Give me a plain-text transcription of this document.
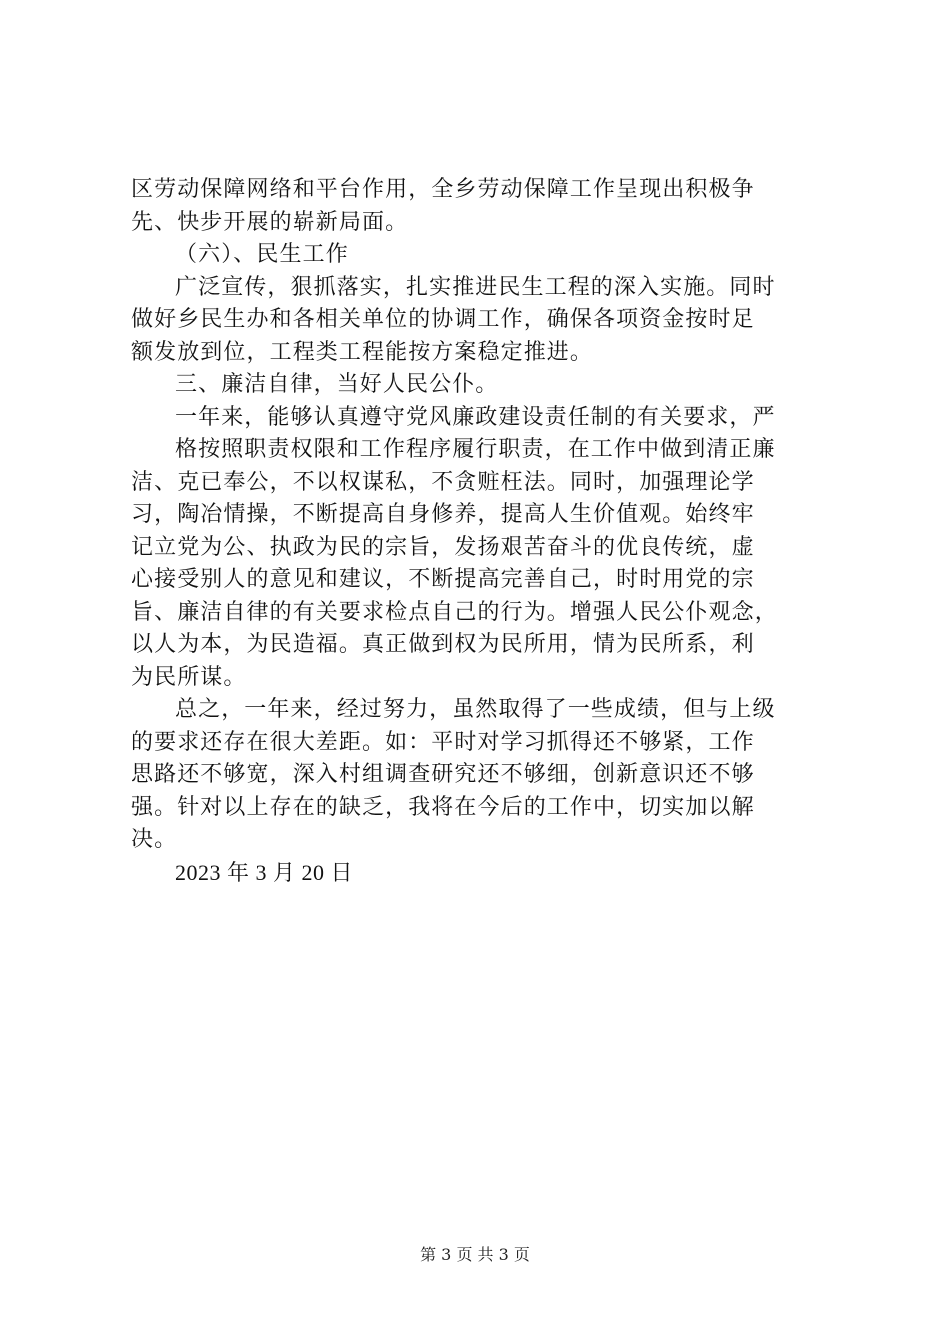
区劳动保障网络和平台作用，全乡劳动保障工作呈现出积极争

先、快步开展的崭新局面。

（六）、民生工作

广泛宣传，狠抓落实，扎实推进民生工程的深入实施。同时

做好乡民生办和各相关单位的协调工作，确保各项资金按时足

额发放到位，工程类工程能按方案稳定推进。

三、廉洁自律，当好人民公仆。

一年来，能够认真遵守党风廉政建设责任制的有关要求，严

格按照职责权限和工作程序履行职责，在工作中做到清正廉

洁、克已奉公，不以权谋私，不贪赃枉法。同时，加强理论学

习，陶冶情操，不断提高自身修养，提高人生价值观。始终牢

记立党为公、执政为民的宗旨，发扬艰苦奋斗的优良传统，虚

心接受别人的意见和建议，不断提高完善自己，时时用党的宗

旨、廉洁自律的有关要求检点自己的行为。增强人民公仆观念，

以人为本，为民造福。真正做到权为民所用，情为民所系，利

为民所谋。

总之，一年来，经过努力，虽然取得了一些成绩，但与上级

的要求还存在很大差距。如：平时对学习抓得还不够紧，工作

思路还不够宽，深入村组调查研究还不够细，创新意识还不够

强。针对以上存在的缺乏，我将在今后的工作中，切实加以解

决。

2023 年 3 月 20 日

第 3 页 共 3 页
